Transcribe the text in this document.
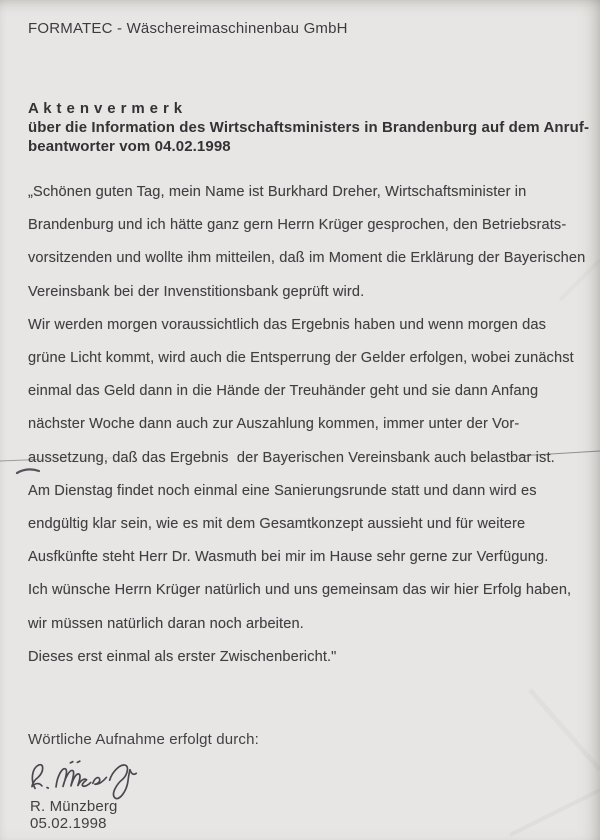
FORMATEC - Wäschereimaschinenbau GmbH
A k t e n v e r m e r k
über die Information des Wirtschaftsministers in Brandenburg auf dem Anruf-
beantworter vom 04.02.1998
„Schönen guten Tag, mein Name ist Burkhard Dreher, Wirtschaftsminister in
Brandenburg und ich hätte ganz gern Herrn Krüger gesprochen, den Betriebsrats-
vorsitzenden und wollte ihm mitteilen, daß im Moment die Erklärung der Bayerischen
Vereinsbank bei der Invenstitionsbank geprüft wird.
Wir werden morgen voraussichtlich das Ergebnis haben und wenn morgen das
grüne Licht kommt, wird auch die Entsperrung der Gelder erfolgen, wobei zunächst
einmal das Geld dann in die Hände der Treuhänder geht und sie dann Anfang
nächster Woche dann auch zur Auszahlung kommen, immer unter der Vor-
aussetzung, daß das Ergebnis  der Bayerischen Vereinsbank auch belastbar ist.
Am Dienstag findet noch einmal eine Sanierungsrunde statt und dann wird es
endgültig klar sein, wie es mit dem Gesamtkonzept aussieht und für weitere
Ausfkünfte steht Herr Dr. Wasmuth bei mir im Hause sehr gerne zur Verfügung.
Ich wünsche Herrn Krüger natürlich und uns gemeinsam das wir hier Erfolg haben,
wir müssen natürlich daran noch arbeiten.
Dieses erst einmal als erster Zwischenbericht."
Wörtliche Aufnahme erfolgt durch:
R. Münzberg
05.02.1998
